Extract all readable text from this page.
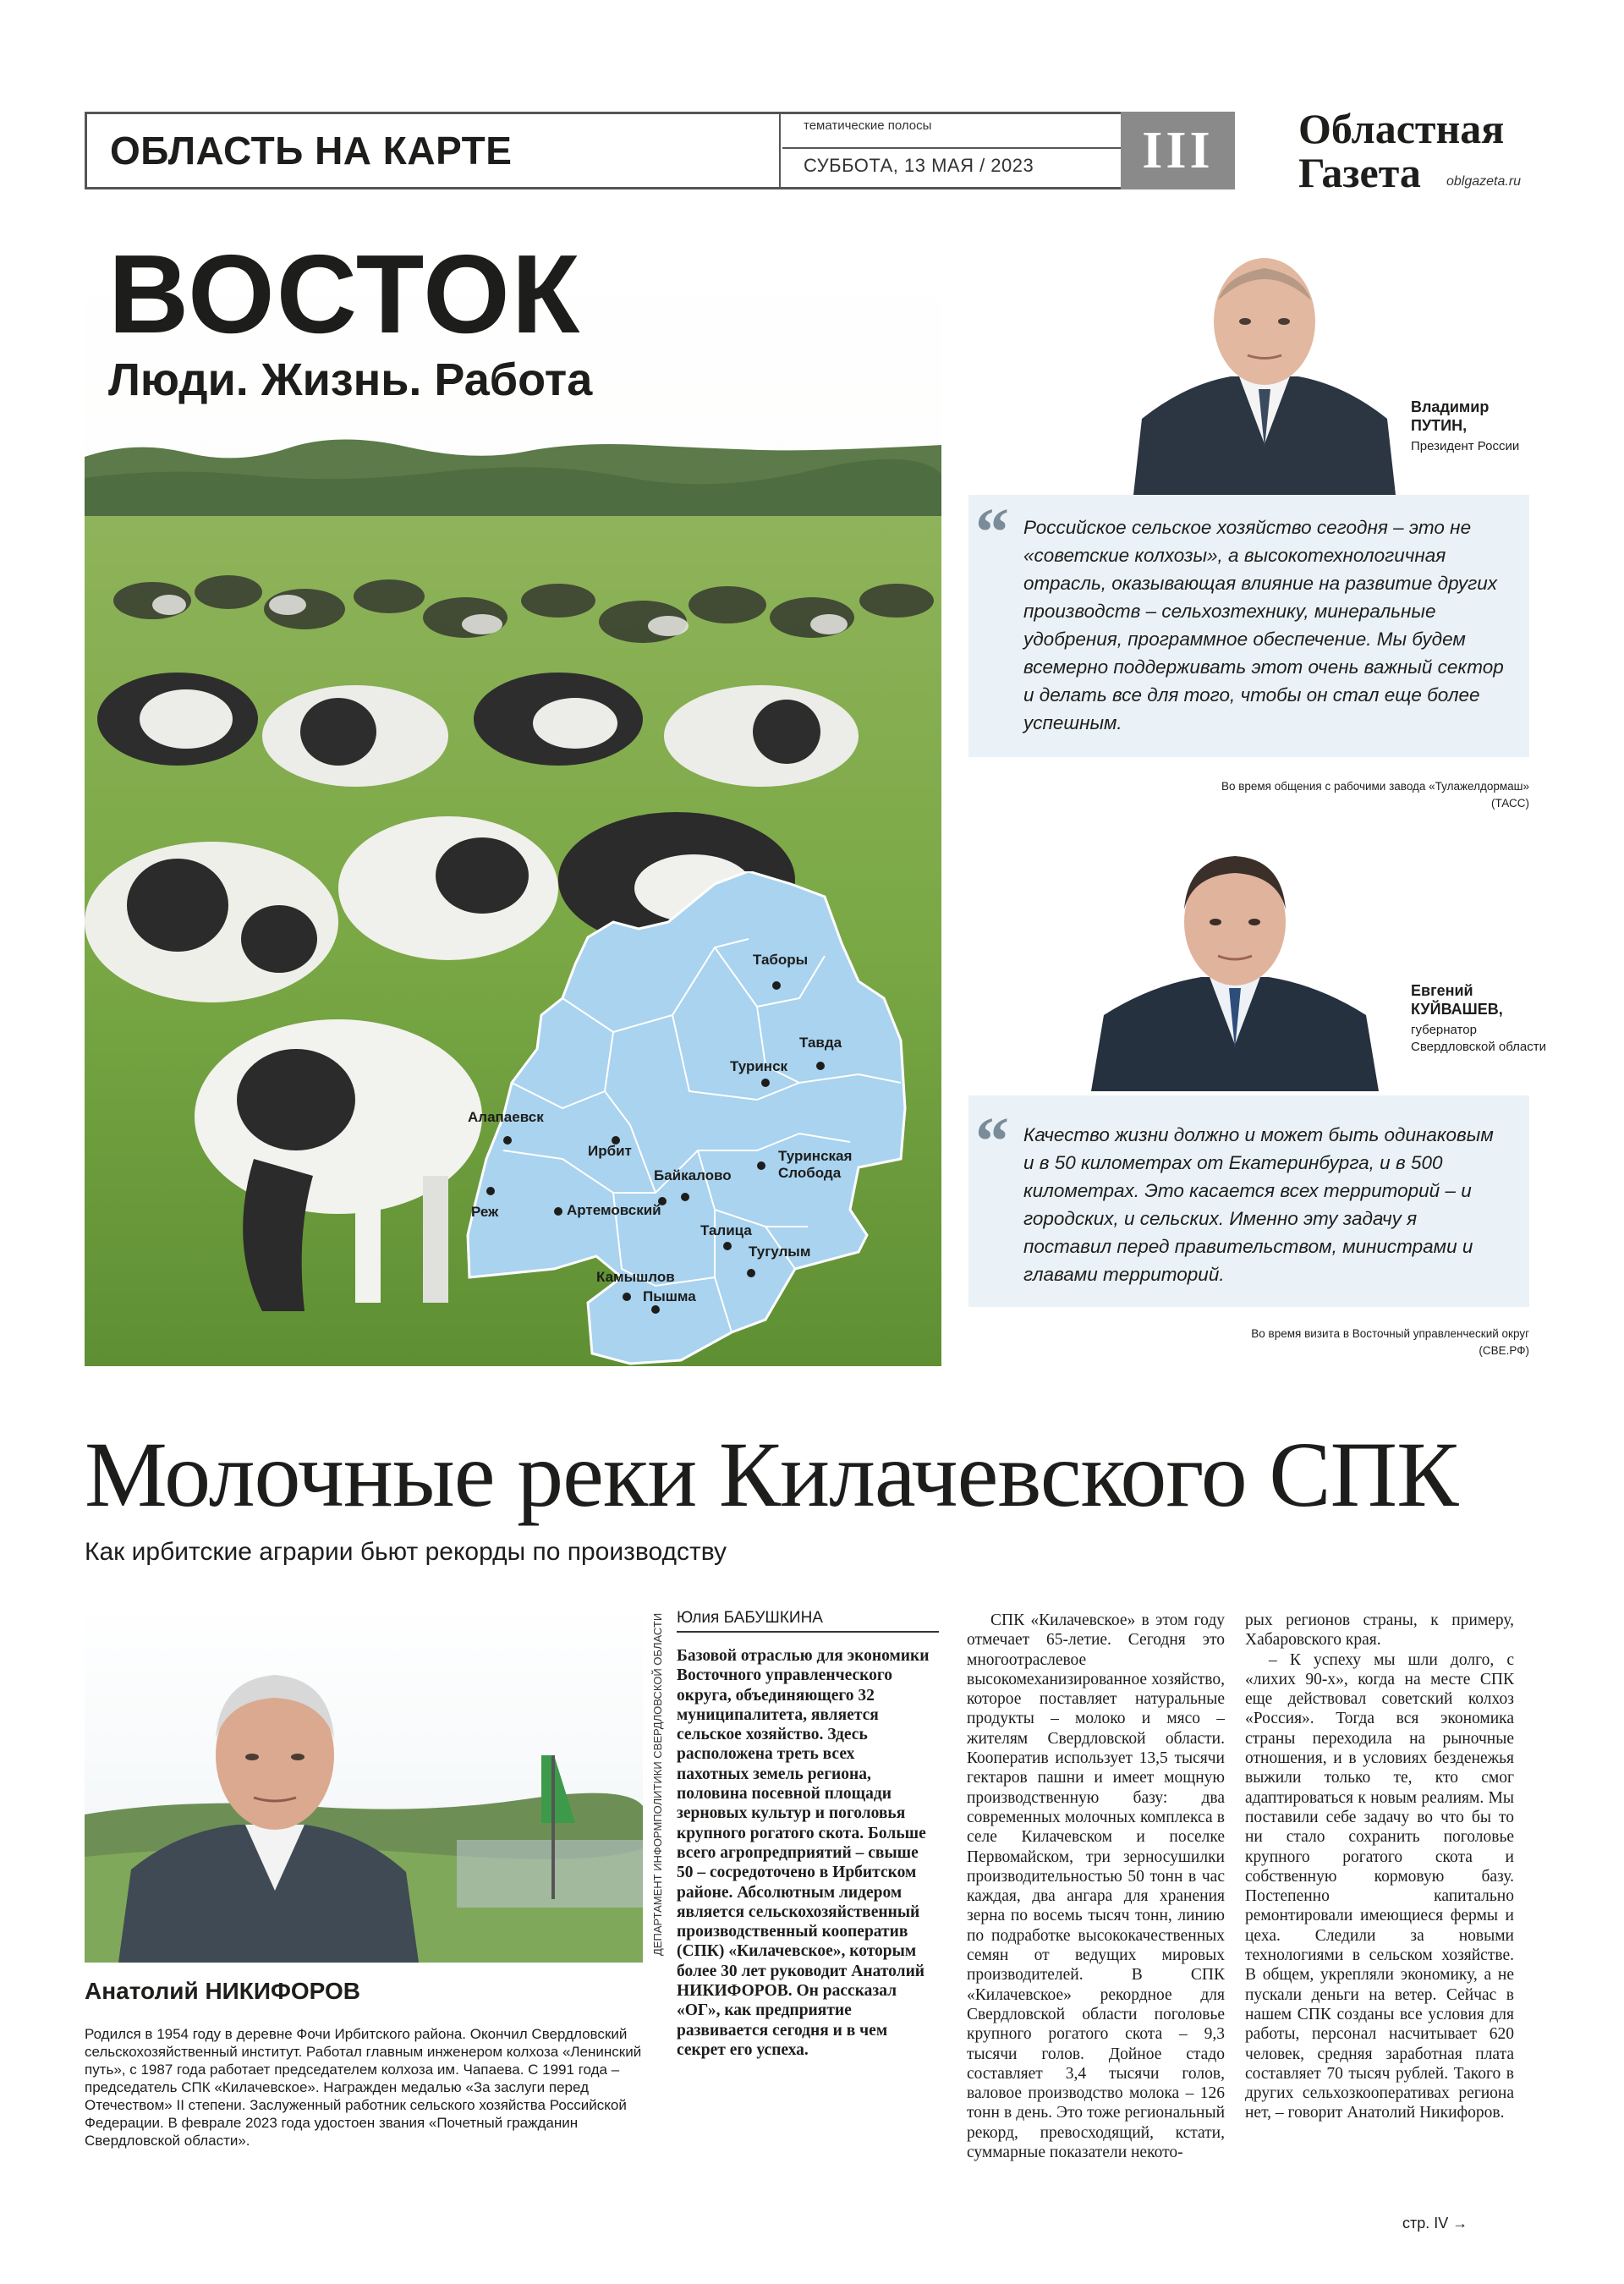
ОБЛАСТЬ НА КАРТЕ
тематические полосы
СУББОТА, 13 МАЯ / 2023	III	Областная
Газета	oblgazeta.ru
Таборы
Тавда
Туринск
Алапаевск
Ирбит	Туринская
Слобода
Байкалово
Реж	Артемовский
Талица
Тугулым
Камышлов
Пышма
ВОСТОК
Люди. Жизнь. Работа
Владимир
ПУТИН,
Президент России
“ Российское сельское хозяйство сегодня – это не «советские колхозы», а высокотехнологичная отрасль, оказывающая влияние на развитие других производств – сельхозтехнику, минеральные удобрения, программное обеспечение. Мы будем всемерно поддерживать этот очень важный сектор и делать все для того, чтобы он стал еще более успешным.
Во время общения с рабочими завода «Тулажелдормаш»
(ТАСС)
Евгений
КУЙВАШЕВ,
губернатор
Свердловской области
“ Качество жизни должно и может быть одинаковым и в 50 километрах от Екатеринбурга, и в 500 километрах. Это касается всех территорий – и городских, и сельских. Именно эту задачу я поставил перед правительством, министрами и главами территорий.
Во время визита в Восточный управленческий округ
(СВЕ.РФ)
Молочные реки Килачевского СПК
Как ирбитские аграрии бьют рекорды по производству
ДЕПАРТАМЕНТ ИНФОРМПОЛИТИКИ СВЕРДЛОВСКОЙ ОБЛАСТИ
Анатолий НИКИФОРОВ
Родился в 1954 году в деревне Фочи Ирбитского района. Окончил Свердловский сельскохозяйственный институт. Работал главным инженером колхоза «Ленинский путь», с 1987 года работает председателем колхоза им. Чапаева. С 1991 года – председатель СПК «Килачевское». Награжден медалью «За заслуги перед Отечеством» II степени. Заслуженный работник сельского хозяйства Российской Федерации. В феврале 2023 года удостоен звания «Почетный гражданин Свердловской области».
Юлия БАБУШКИНА
Базовой отраслью для экономики Восточного управленческого округа, объединяющего 32 муниципалитета, является сельское хозяйство. Здесь расположена треть всех пахотных земель региона, половина посевной площади зерновых культур и поголовья крупного рогатого скота. Больше всего агропредприятий – свыше 50 – сосредоточено в Ирбитском районе. Абсолютным лидером является сельскохозяйственный производственный кооператив (СПК) «Килачевское», которым более 30 лет руководит Анатолий НИКИФОРОВ. Он рассказал «ОГ», как предприятие развивается сегодня и в чем секрет его успеха.
СПК «Килачевское» в этом году отмечает 65-летие. Сегодня это многоотраслевое высокомеханизированное хозяйство, которое поставляет натуральные продукты – молоко и мясо – жителям Свердловской области. Кооператив использует 13,5 тысячи гектаров пашни и имеет мощную производственную базу: два современных молочных комплекса в селе Килачевском и поселке Первомайском, три зерносушилки производительностью 50 тонн в час каждая, два ангара для хранения зерна по восемь тысяч тонн, линию по подработке высококачественных семян от ведущих мировых производителей. В СПК «Килачевское» рекордное для Свердловской области поголовье крупного рогатого скота – 9,3 тысячи голов. Дойное стадо составляет 3,4 тысячи голов, валовое производство молока – 126 тонн в день. Это тоже региональный рекорд, превосходящий, кстати, суммарные показатели некото-

рых регионов страны, к примеру, Хабаровского края.

– К успеху мы шли долго, с «лихих 90-х», когда на месте СПК еще действовал советский колхоз «Россия». Тогда вся экономика страны переходила на рыночные отношения, и в условиях безденежья выжили только те, кто смог адаптироваться к новым реалиям. Мы поставили себе задачу во что бы то ни стало сохранить поголовье крупного рогатого скота и собственную кормовую базу. Постепенно капитально ремонтировали имеющиеся фермы и цеха. Следили за новыми технологиями в сельском хозяйстве. В общем, укрепляли экономику, а не пускали деньги на ветер. Сейчас в нашем СПК созданы все условия для работы, персонал насчитывает 620 человек, средняя заработная плата составляет 70 тысяч рублей. Такого в других сельхозкооперативах региона нет, – говорит Анатолий Никифоров.

стр. IV →
